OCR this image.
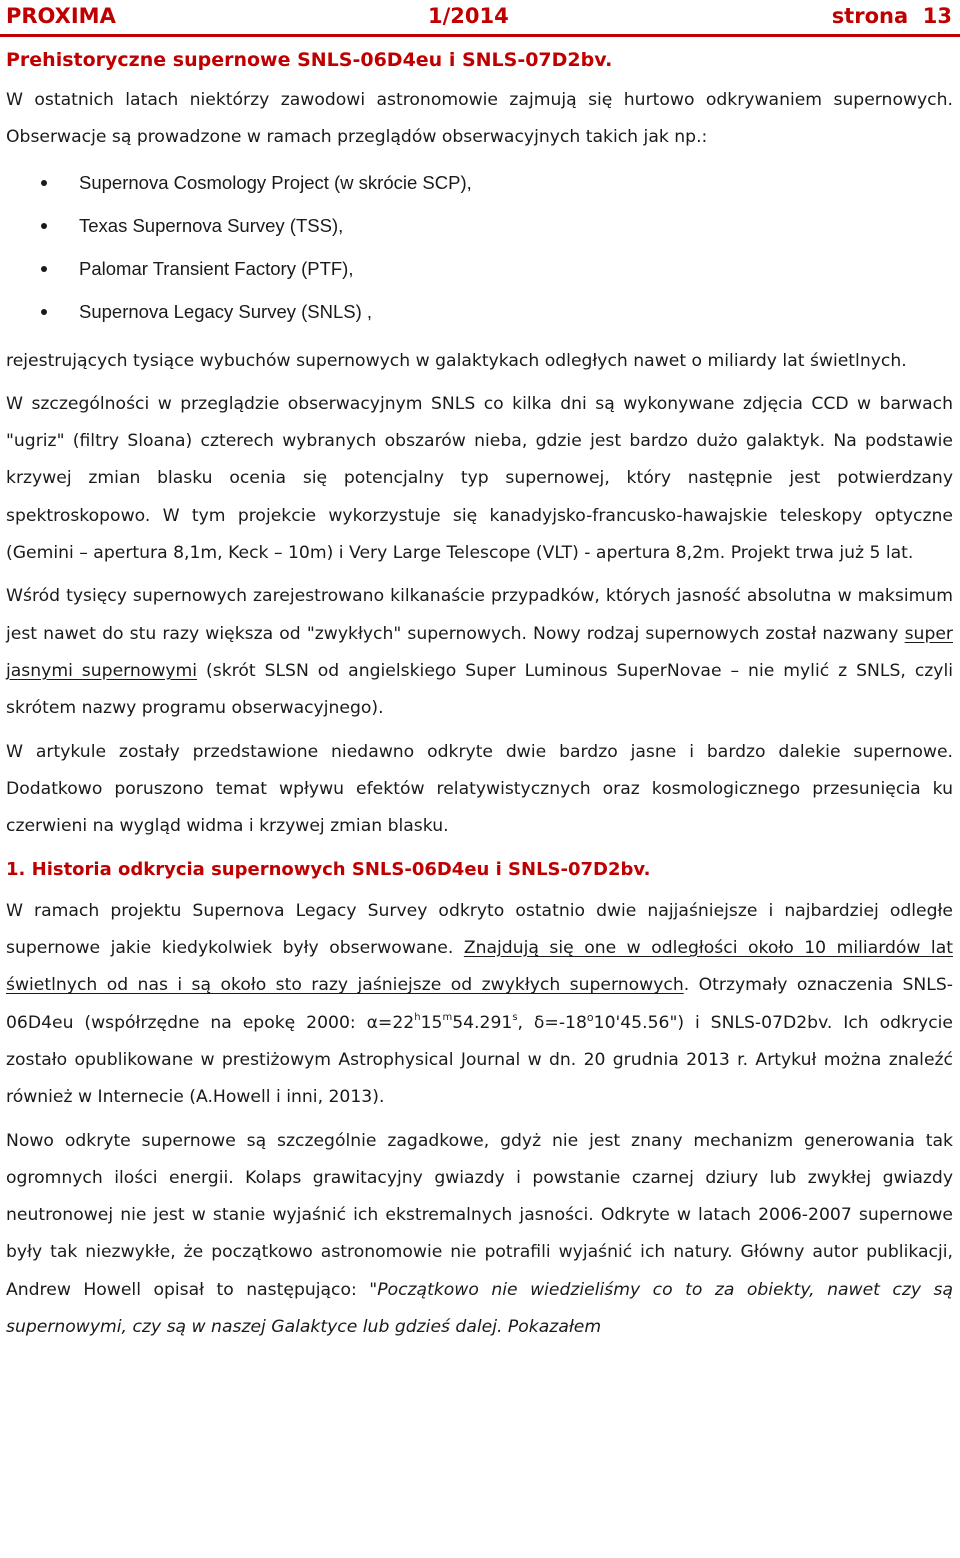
PROXIMA	1/2014	strona 13
Prehistoryczne supernowe SNLS-06D4eu i SNLS-07D2bv.

W ostatnich latach niektórzy zawodowi astronomowie zajmują się hurtowo odkrywaniem supernowych. Obserwacje są prowadzone w ramach przeglądów obserwacyjnych takich jak np.:

Supernova Cosmology Project (w skrócie SCP),
Texas Supernova Survey (TSS),
Palomar Transient Factory (PTF),
Supernova Legacy Survey (SNLS) ,

rejestrujących tysiące wybuchów supernowych w galaktykach odległych nawet o miliardy lat świetlnych.

W szczególności w przeglądzie obserwacyjnym SNLS co kilka dni są wykonywane zdjęcia CCD w barwach "ugriz" (filtry Sloana) czterech wybranych obszarów nieba, gdzie jest bardzo dużo galaktyk. Na podstawie krzywej zmian blasku ocenia się potencjalny typ supernowej, który następnie jest potwierdzany spektroskopowo. W tym projekcie wykorzystuje się kanadyjsko-francusko-hawajskie teleskopy optyczne (Gemini – apertura 8,1m, Keck – 10m) i Very Large Telescope (VLT) - apertura 8,2m. Projekt trwa już 5 lat.

Wśród tysięcy supernowych zarejestrowano kilkanaście przypadków, których jasność absolutna w maksimum jest nawet do stu razy większa od "zwykłych" supernowych. Nowy rodzaj supernowych został nazwany super jasnymi supernowymi (skrót SLSN od angielskiego Super Luminous SuperNovae – nie mylić z SNLS, czyli skrótem nazwy programu obserwacyjnego).

W artykule zostały przedstawione niedawno odkryte dwie bardzo jasne i bardzo dalekie supernowe. Dodatkowo poruszono temat wpływu efektów relatywistycznych oraz kosmologicznego przesunięcia ku czerwieni na wygląd widma i krzywej zmian blasku.

1. Historia odkrycia supernowych SNLS-06D4eu i SNLS-07D2bv.

W ramach projektu Supernova Legacy Survey odkryto ostatnio dwie najjaśniejsze i najbardziej odległe supernowe jakie kiedykolwiek były obserwowane. Znajdują się one w odległości około 10 miliardów lat świetlnych od nas i są około sto razy jaśniejsze od zwykłych supernowych. Otrzymały oznaczenia SNLS-06D4eu (współrzędne na epokę 2000: $\alpha=22^h15^m54.291^s$, $\delta=-18^o10'45.56$") i SNLS-07D2bv. Ich odkrycie zostało opublikowane w prestiżowym Astrophysical Journal w dn. 20 grudnia 2013 r. Artykuł można znaleźć również w Internecie (A.Howell i inni, 2013).

Nowo odkryte supernowe są szczególnie zagadkowe, gdyż nie jest znany mechanizm generowania tak ogromnych ilości energii. Kolaps grawitacyjny gwiazdy i powstanie czarnej dziury lub zwykłej gwiazdy neutronowej nie jest w stanie wyjaśnić ich ekstremalnych jasności. Odkryte w latach 2006-2007 supernowe były tak niezwykłe, że początkowo astronomowie nie potrafili wyjaśnić ich natury. Główny autor publikacji, Andrew Howell opisał to następująco: "Początkowo nie wiedzieliśmy co to za obiekty, nawet czy są supernowymi, czy są w naszej Galaktyce lub gdzieś dalej. Pokazałem
